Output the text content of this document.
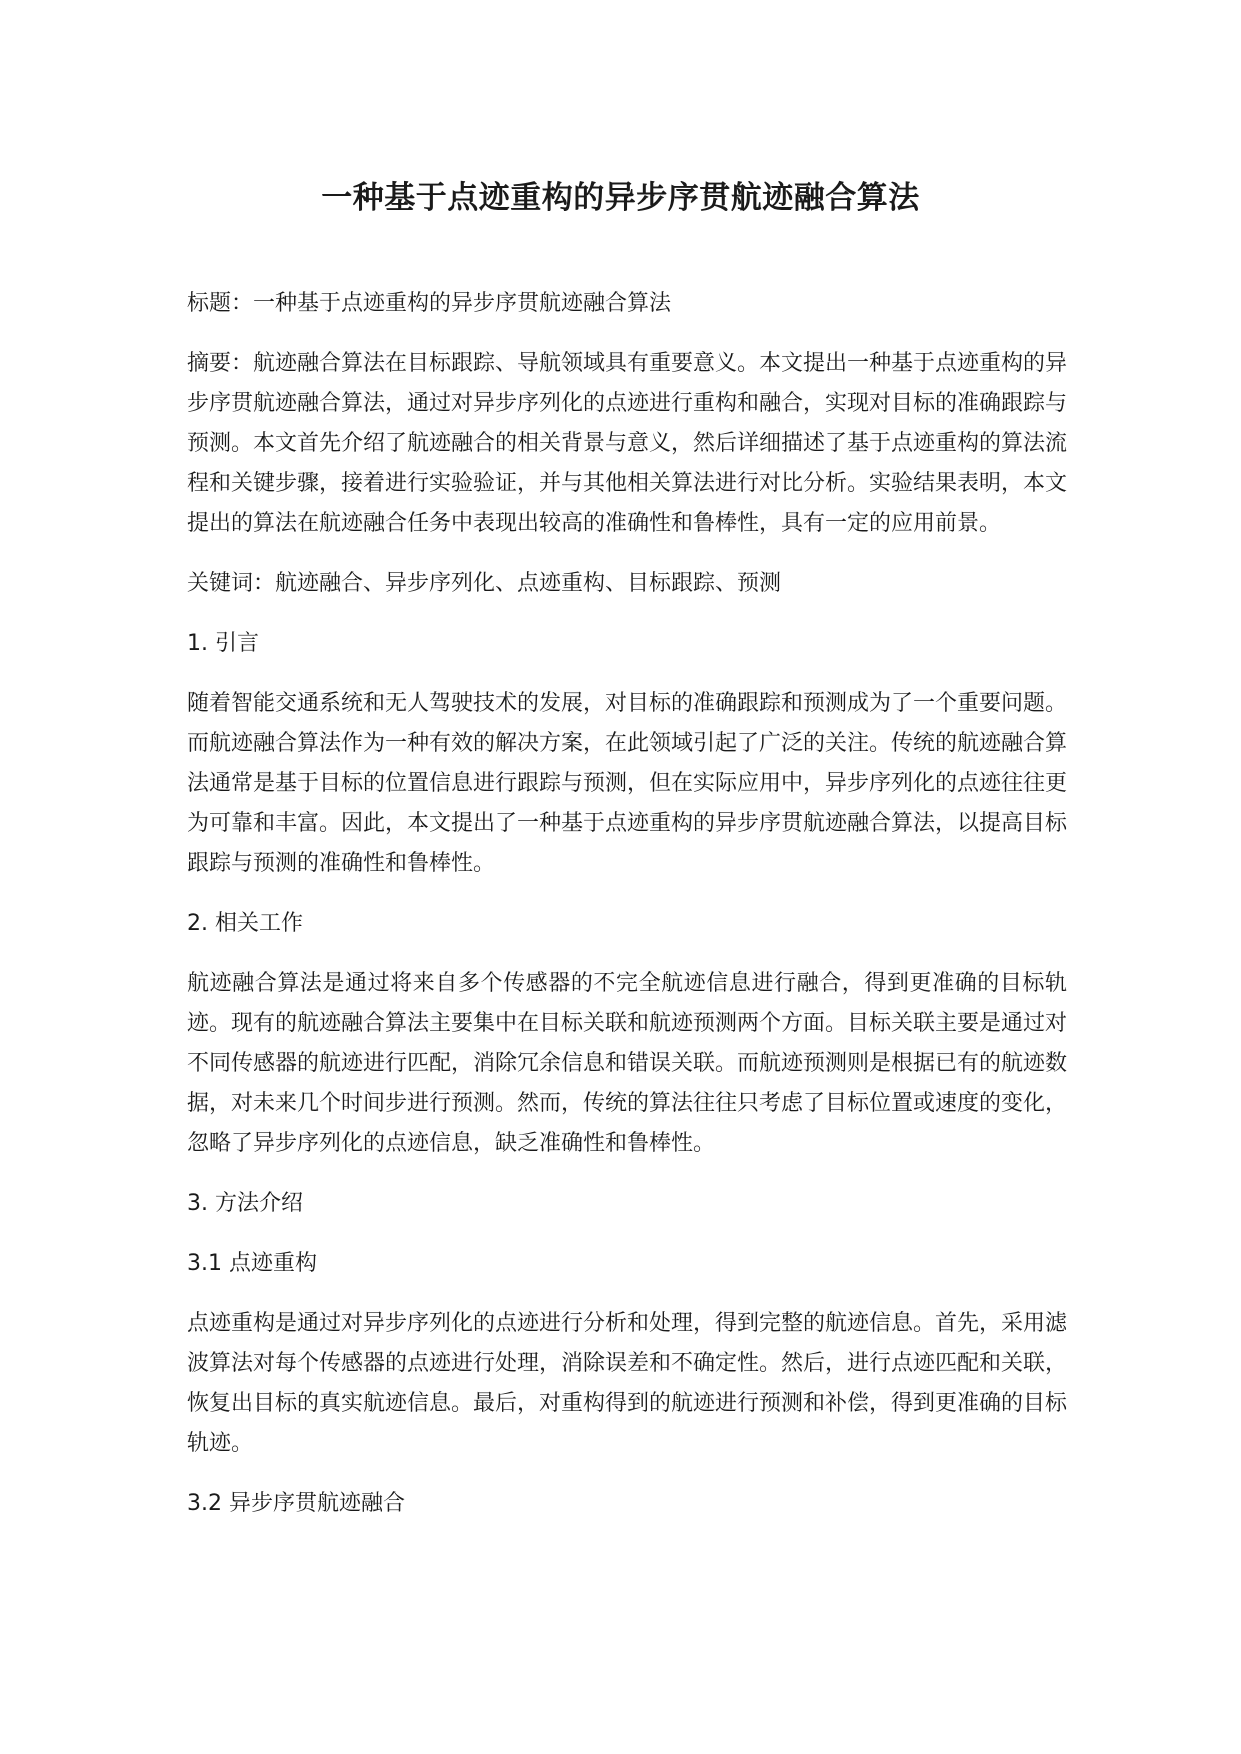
一种基于点迹重构的异步序贯航迹融合算法

标题：一种基于点迹重构的异步序贯航迹融合算法

摘要：航迹融合算法在目标跟踪、导航领域具有重要意义。本文提出一种基于点迹重构的异步序贯航迹融合算法，通过对异步序列化的点迹进行重构和融合，实现对目标的准确跟踪与预测。本文首先介绍了航迹融合的相关背景与意义，然后详细描述了基于点迹重构的算法流程和关键步骤，接着进行实验验证，并与其他相关算法进行对比分析。实验结果表明，本文提出的算法在航迹融合任务中表现出较高的准确性和鲁棒性，具有一定的应用前景。

关键词：航迹融合、异步序列化、点迹重构、目标跟踪、预测

1. 引言

随着智能交通系统和无人驾驶技术的发展，对目标的准确跟踪和预测成为了一个重要问题。而航迹融合算法作为一种有效的解决方案，在此领域引起了广泛的关注。传统的航迹融合算法通常是基于目标的位置信息进行跟踪与预测，但在实际应用中，异步序列化的点迹往往更为可靠和丰富。因此，本文提出了一种基于点迹重构的异步序贯航迹融合算法，以提高目标跟踪与预测的准确性和鲁棒性。

2. 相关工作

航迹融合算法是通过将来自多个传感器的不完全航迹信息进行融合，得到更准确的目标轨迹。现有的航迹融合算法主要集中在目标关联和航迹预测两个方面。目标关联主要是通过对不同传感器的航迹进行匹配，消除冗余信息和错误关联。而航迹预测则是根据已有的航迹数据，对未来几个时间步进行预测。然而，传统的算法往往只考虑了目标位置或速度的变化，忽略了异步序列化的点迹信息，缺乏准确性和鲁棒性。

3. 方法介绍

3.1 点迹重构

点迹重构是通过对异步序列化的点迹进行分析和处理，得到完整的航迹信息。首先，采用滤波算法对每个传感器的点迹进行处理，消除误差和不确定性。然后，进行点迹匹配和关联，恢复出目标的真实航迹信息。最后，对重构得到的航迹进行预测和补偿，得到更准确的目标轨迹。

3.2 异步序贯航迹融合
